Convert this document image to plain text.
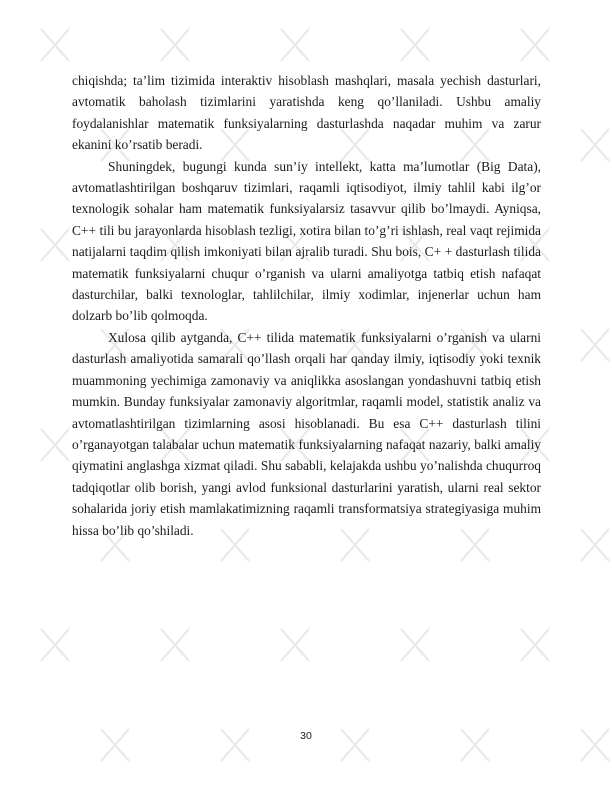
chiqishda; ta’lim tizimida interaktiv hisoblash mashqlari, masala yechish dasturlari, avtomatik baholash tizimlarini yaratishda keng qo’llaniladi. Ushbu amaliy foydalanishlar matematik funksiyalarning dasturlashda naqadar muhim va zarur ekanini ko’rsatib beradi.

Shuningdek, bugungi kunda sun’iy intellekt, katta ma’lumotlar (Big Data), avtomatlashtirilgan boshqaruv tizimlari, raqamli iqtisodiyot, ilmiy tahlil kabi ilg’or texnologik sohalar ham matematik funksiyalarsiz tasavvur qilib bo’lmaydi. Ayniqsa, C++ tili bu jarayonlarda hisoblash tezligi, xotira bilan to’g’ri ishlash, real vaqt rejimida natijalarni taqdim qilish imkoniyati bilan ajralib turadi. Shu bois, C+ + dasturlash tilida matematik funksiyalarni chuqur o’rganish va ularni amaliyotga tatbiq etish nafaqat dasturchilar, balki texnologlar, tahlilchilar, ilmiy xodimlar, injenerlar uchun ham dolzarb bo’lib qolmoqda.

Xulosa qilib aytganda, C++ tilida matematik funksiyalarni o’rganish va ularni dasturlash amaliyotida samarali qo’llash orqali har qanday ilmiy, iqtisodiy yoki texnik muammoning yechimiga zamonaviy va aniqlikka asoslangan yondashuvni tatbiq etish mumkin. Bunday funksiyalar zamonaviy algoritmlar, raqamli model, statistik analiz va avtomatlashtirilgan tizimlarning asosi hisoblanadi. Bu esa C++ dasturlash tilini o’rganayotgan talabalar uchun matematik funksiyalarning nafaqat nazariy, balki amaliy qiymatini anglashga xizmat qiladi. Shu sababli, kelajakda ushbu yo’nalishda chuqurroq tadqiqotlar olib borish, yangi avlod funksional dasturlarini yaratish, ularni real sektor sohalarida joriy etish mamlakatimizning raqamli transformatsiya strategiyasiga muhim hissa bo’lib qo’shiladi.

30
